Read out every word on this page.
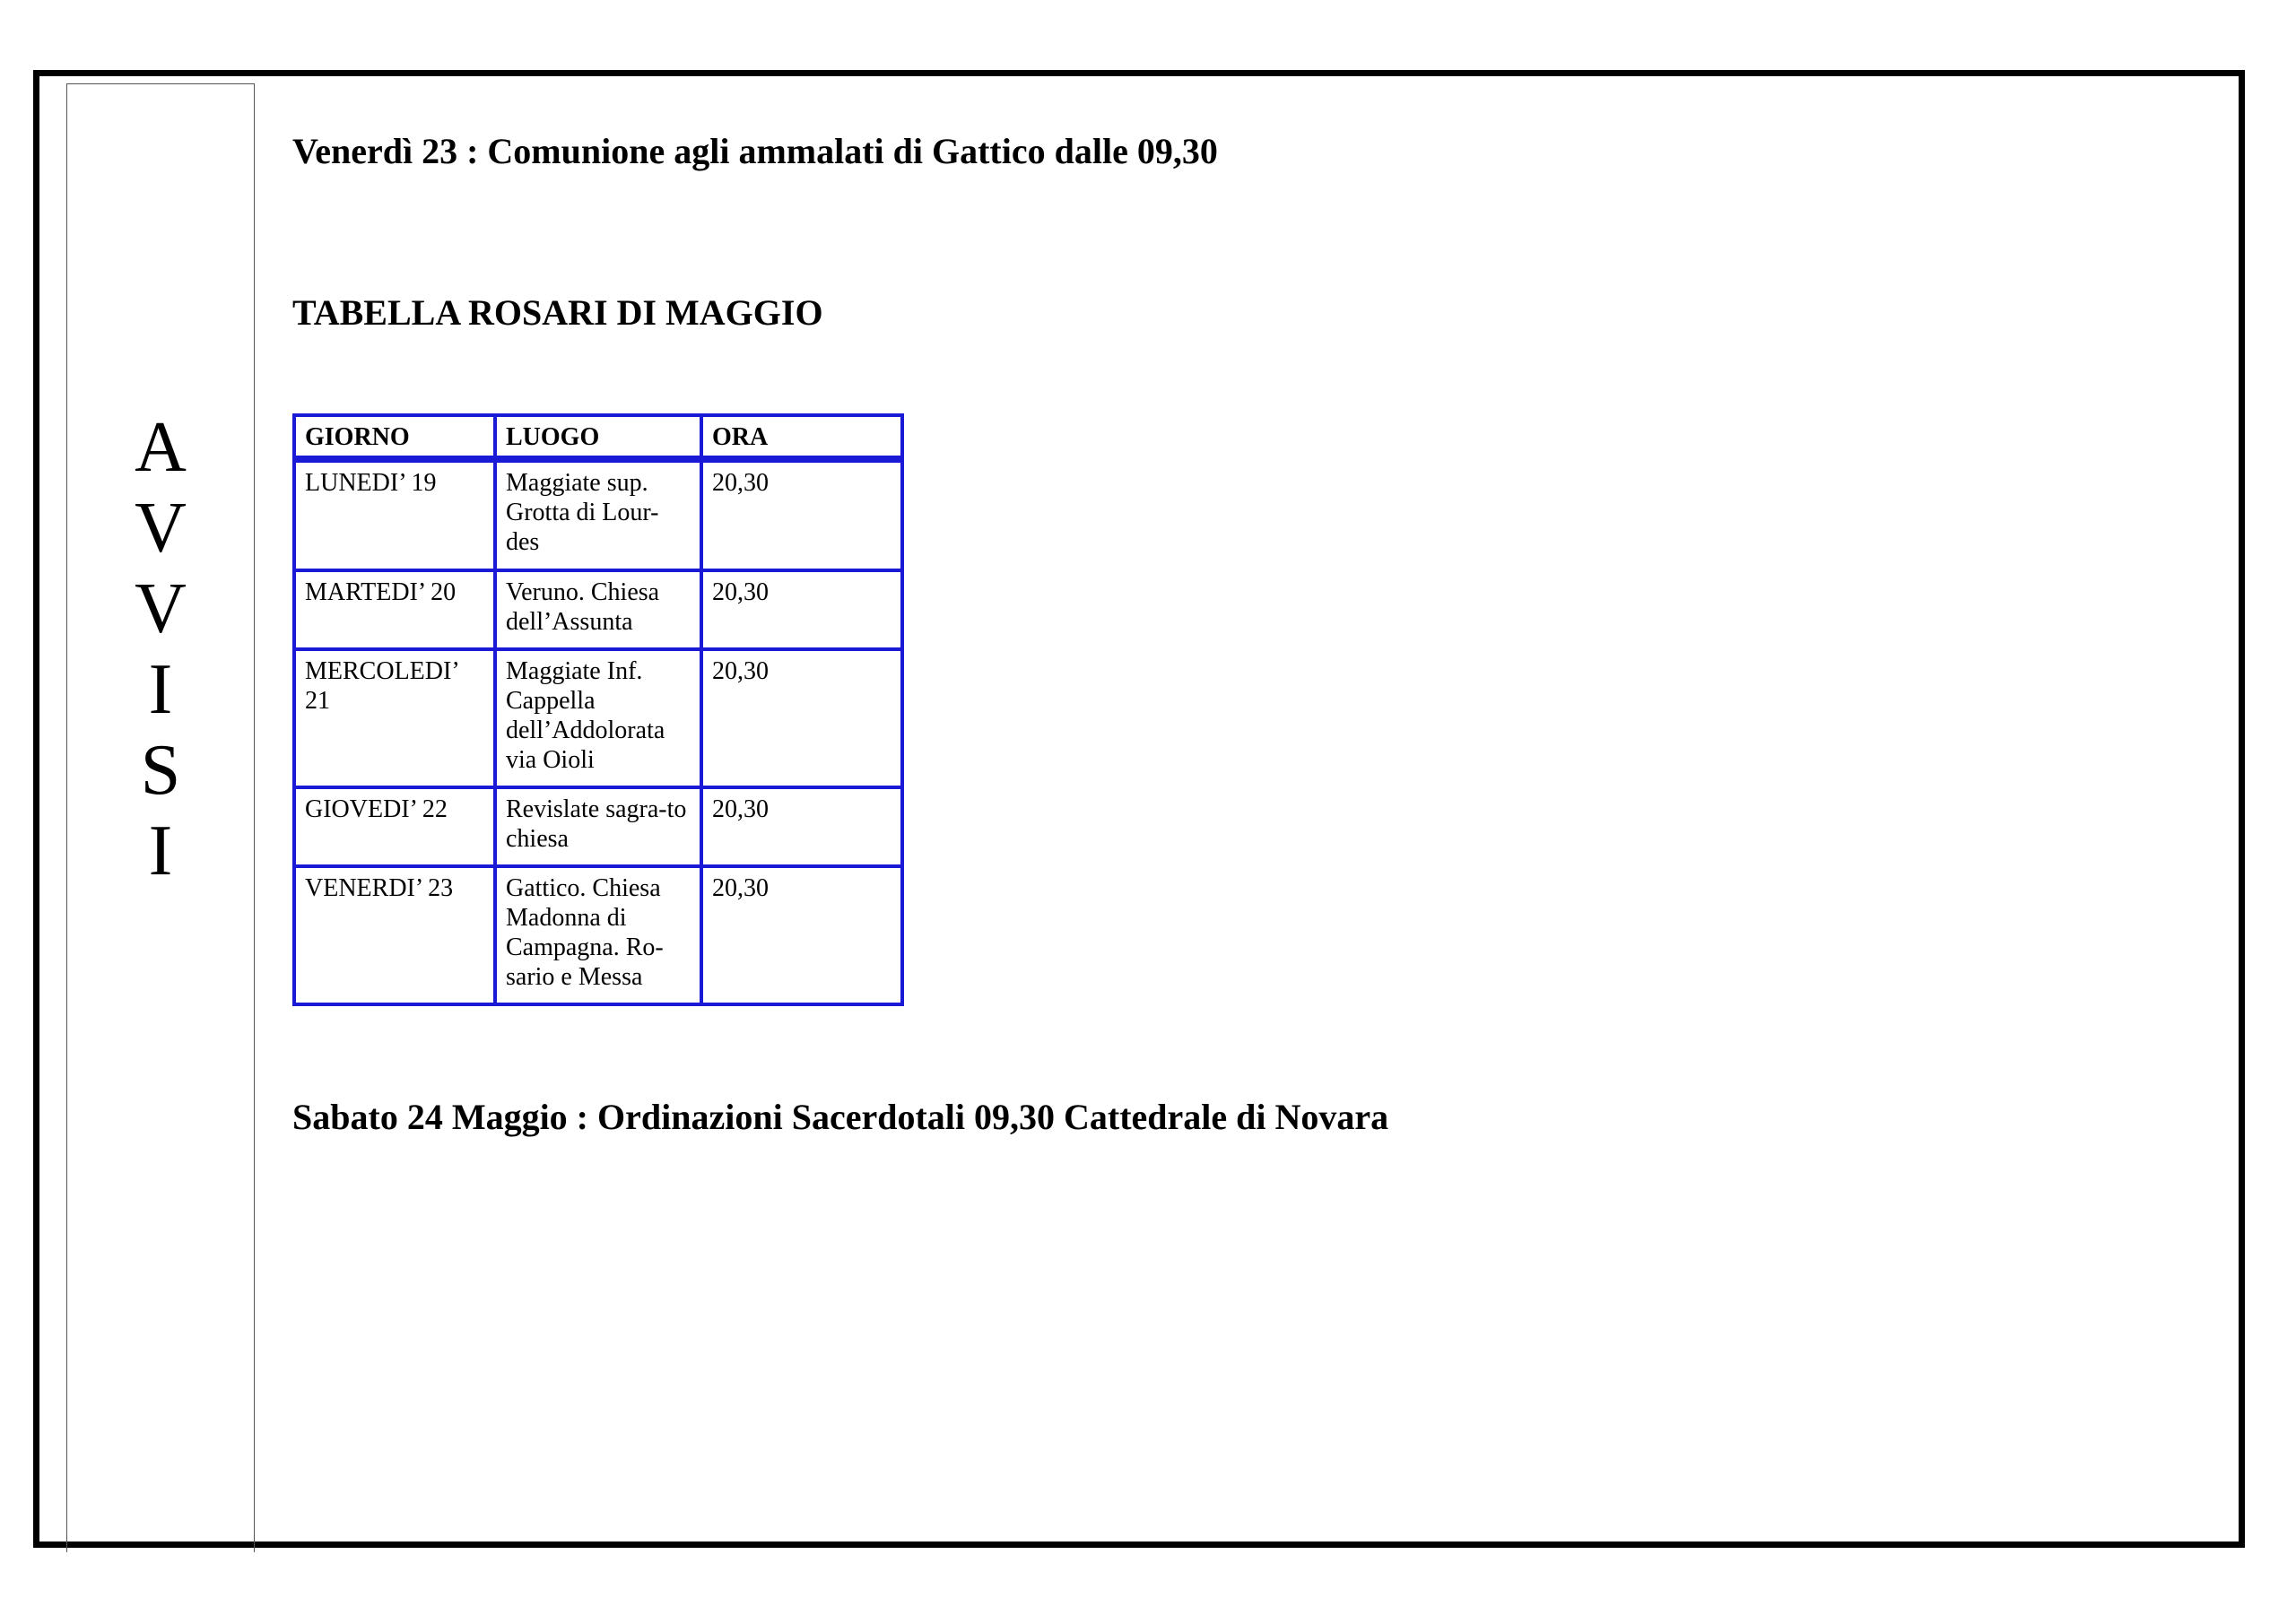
A
V
V
I
S
I
Venerdì 23 : Comunione agli ammalati di Gattico dalle 09,30
TABELLA ROSARI DI MAGGIO
GIORNO	LUOGO	ORA
LUNEDI’ 19	Maggiate sup. Grotta di Lour-des	20,30
MARTEDI’ 20	Veruno. Chiesa dell’Assunta	20,30
MERCOLEDI’ 21	Maggiate Inf. Cappella dell’Addolorata via Oioli	20,30
GIOVEDI’ 22	Revislate sagra-to chiesa	20,30
VENERDI’ 23	Gattico. Chiesa Madonna di Campagna. Ro-sario e Messa	20,30
Sabato 24 Maggio : Ordinazioni Sacerdotali 09,30 Cattedrale di Novara
